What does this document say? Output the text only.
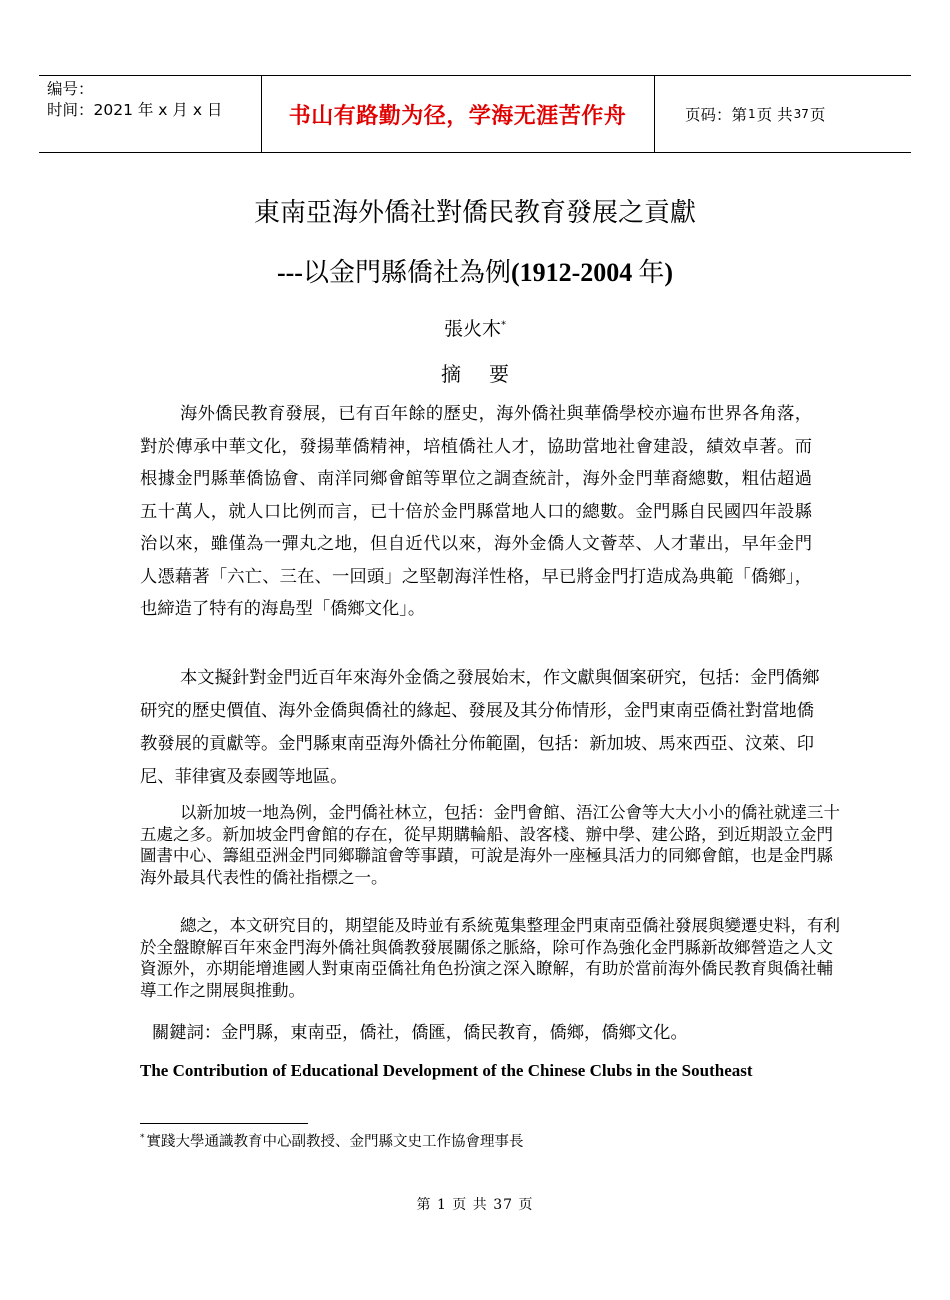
编号：
时间：2021 年 x 月 x 日	书山有路勤为径，学海无涯苦作舟	页码：第 1 页 共 37 页
東南亞海外僑社對僑民教育發展之貢獻
---以金門縣僑社為例(1912-2004 年)
張火木*
摘要

海外僑民教育發展，已有百年餘的歷史，海外僑社與華僑學校亦遍布世界各角落，對於傳承中華文化，發揚華僑精神，培植僑社人才，協助當地社會建設，績效卓著。而根據金門縣華僑協會、南洋同鄉會館等單位之調查統計，海外金門華裔總數，粗估超過五十萬人，就人口比例而言，已十倍於金門縣當地人口的總數。金門縣自民國四年設縣治以來，雖僅為一彈丸之地，但自近代以來，海外金僑人文薈萃、人才輩出，早年金門人憑藉著「六亡、三在、一回頭」之堅韌海洋性格，早已將金門打造成為典範「僑鄉」，也締造了特有的海島型「僑鄉文化」。

本文擬針對金門近百年來海外金僑之發展始末，作文獻與個案研究，包括：金門僑鄉研究的歷史價值、海外金僑與僑社的緣起、發展及其分佈情形，金門東南亞僑社對當地僑教發展的貢獻等。金門縣東南亞海外僑社分佈範圍，包括：新加坡、馬來西亞、汶萊、印尼、菲律賓及泰國等地區。

以新加坡一地為例，金門僑社林立，包括：金門會館、浯江公會等大大小小的僑社就達三十五處之多。新加坡金門會館的存在，從早期購輪船、設客棧、辦中學、建公路，到近期設立金門圖書中心、籌組亞洲金門同鄉聯誼會等事蹟，可說是海外一座極具活力的同鄉會館，也是金門縣海外最具代表性的僑社指標之一。

總之，本文研究目的，期望能及時並有系統蒐集整理金門東南亞僑社發展與變遷史料，有利於全盤瞭解百年來金門海外僑社與僑教發展關係之脈絡，除可作為強化金門縣新故鄉營造之人文資源外，亦期能增進國人對東南亞僑社角色扮演之深入瞭解，有助於當前海外僑民教育與僑社輔導工作之開展與推動。

關鍵詞：金門縣，東南亞，僑社，僑匯，僑民教育，僑鄉，僑鄉文化。

The Contribution of Educational Development of the Chinese Clubs in the Southeast

* 實踐大學通識教育中心副教授、金門縣文史工作協會理事長

第 1 页 共 37 页
